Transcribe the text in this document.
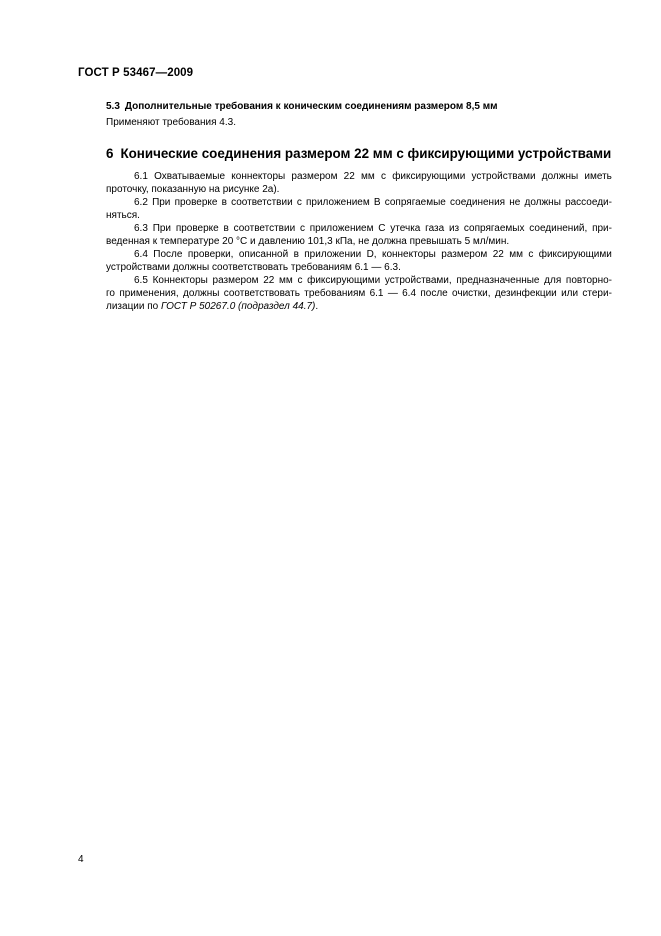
ГОСТ Р 53467—2009
5.3 Дополнительные требования к коническим соединениям размером 8,5 мм
Применяют требования 4.3.
6 Конические соединения размером 22 мм с фиксирующими устройствами
6.1 Охватываемые коннекторы размером 22 мм с фиксирующими устройствами должны иметь
проточку, показанную на рисунке 2а).
6.2 При проверке в соответствии с приложением В сопрягаемые соединения не должны рассоеди-
няться.
6.3 При проверке в соответствии с приложением С утечка газа из сопрягаемых соединений, при-
веденная к температуре 20 °С и давлению 101,3 кПа, не должна превышать 5 мл/мин.
6.4 После проверки, описанной в приложении D, коннекторы размером 22 мм с фиксирующими
устройствами должны соответствовать требованиям 6.1 — 6.3.
6.5 Коннекторы размером 22 мм с фиксирующими устройствами, предназначенные для повторно-
го применения, должны соответствовать требованиям 6.1 — 6.4 после очистки, дезинфекции или стери-
лизации по ГОСТ Р 50267.0 (подраздел 44.7).
4
